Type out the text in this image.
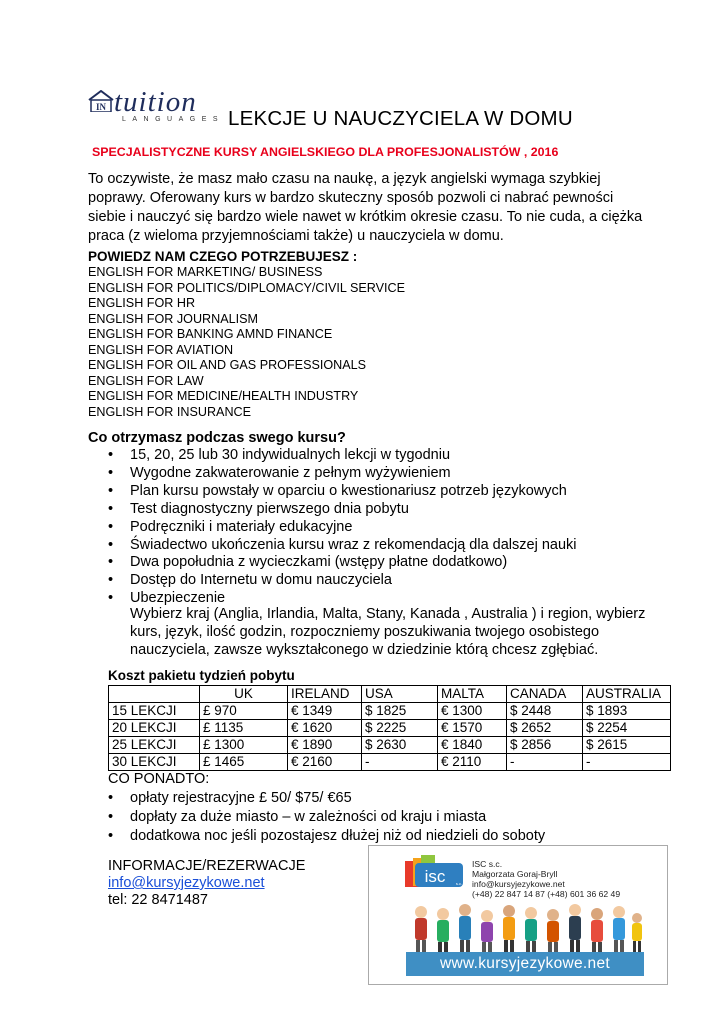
IN tuition
LANGUAGES LEKCJE U NAUCZYCIELA W DOMU
SPECJALISTYCZNE KURSY ANGIELSKIEGO DLA PROFESJONALISTÓW , 2016
To oczywiste, że masz mało czasu na naukę, a język angielski wymaga szybkiej poprawy. Oferowany kurs w bardzo skuteczny sposób pozwoli ci nabrać pewności siebie i nauczyć się bardzo wiele nawet w krótkim okresie czasu. To nie cuda, a ciężka praca (z wieloma przyjemnościami także) u nauczyciela w domu.
POWIEDZ NAM CZEGO POTRZEBUJESZ :
ENGLISH FOR MARKETING/ BUSINESS
ENGLISH FOR POLITICS/DIPLOMACY/CIVIL SERVICE
ENGLISH FOR HR
ENGLISH FOR JOURNALISM
ENGLISH FOR BANKING AMND FINANCE
ENGLISH FOR AVIATION
ENGLISH FOR OIL AND GAS PROFESSIONALS
ENGLISH FOR LAW
ENGLISH FOR MEDICINE/HEALTH INDUSTRY
ENGLISH FOR INSURANCE
Co otrzymasz podczas swego kursu?
• 15, 20, 25 lub 30 indywidualnych lekcji w tygodniu
• Wygodne zakwaterowanie z pełnym wyżywieniem
• Plan kursu powstały w oparciu o kwestionariusz potrzeb językowych
• Test diagnostyczny pierwszego dnia pobytu
• Podręczniki i materiały edukacyjne
• Świadectwo ukończenia kursu wraz z rekomendacją dla dalszej nauki
• Dwa popołudnia z wycieczkami (wstępy płatne dodatkowo)
• Dostęp do Internetu w domu nauczyciela
• Ubezpieczenie
Wybierz kraj (Anglia, Irlandia, Malta, Stany, Kanada , Australia ) i region, wybierz kurs, język, ilość godzin, rozpoczniemy poszukiwania twojego osobistego nauczyciela, zawsze wykształconego w dziedzinie którą chcesz zgłębiać.
Koszt pakietu tydzień pobytu
	UK	IRELAND	USA	MALTA	CANADA	AUSTRALIA
15 LEKCJI	£ 970	€ 1349	$ 1825	€ 1300	$ 2448	$ 1893
20 LEKCJI	£ 1135	€ 1620	$ 2225	€ 1570	$ 2652	$ 2254
25 LEKCJI	£ 1300	€ 1890	$ 2630	€ 1840	$ 2856	$ 2615
30 LEKCJI	£ 1465	€ 2160	-	€ 2110	-	-
CO PONADTO:
• opłaty rejestracyjne £ 50/ $75/ €65
• dopłaty za duże miasto – w zależności od kraju i miasta
• dodatkowa noc jeśli pozostajesz dłużej niż od niedzieli do soboty
INFORMACJE/REZERWACJE
info@kursyjezykowe.net
tel: 22 8471487
isc	s.c.
ISC s.c.
Małgorzata Goraj-Bryll
info@kursyjezykowe.net
(+48) 22 847 14 87 (+48) 601 36 62 49
www.kursyjezykowe.net
